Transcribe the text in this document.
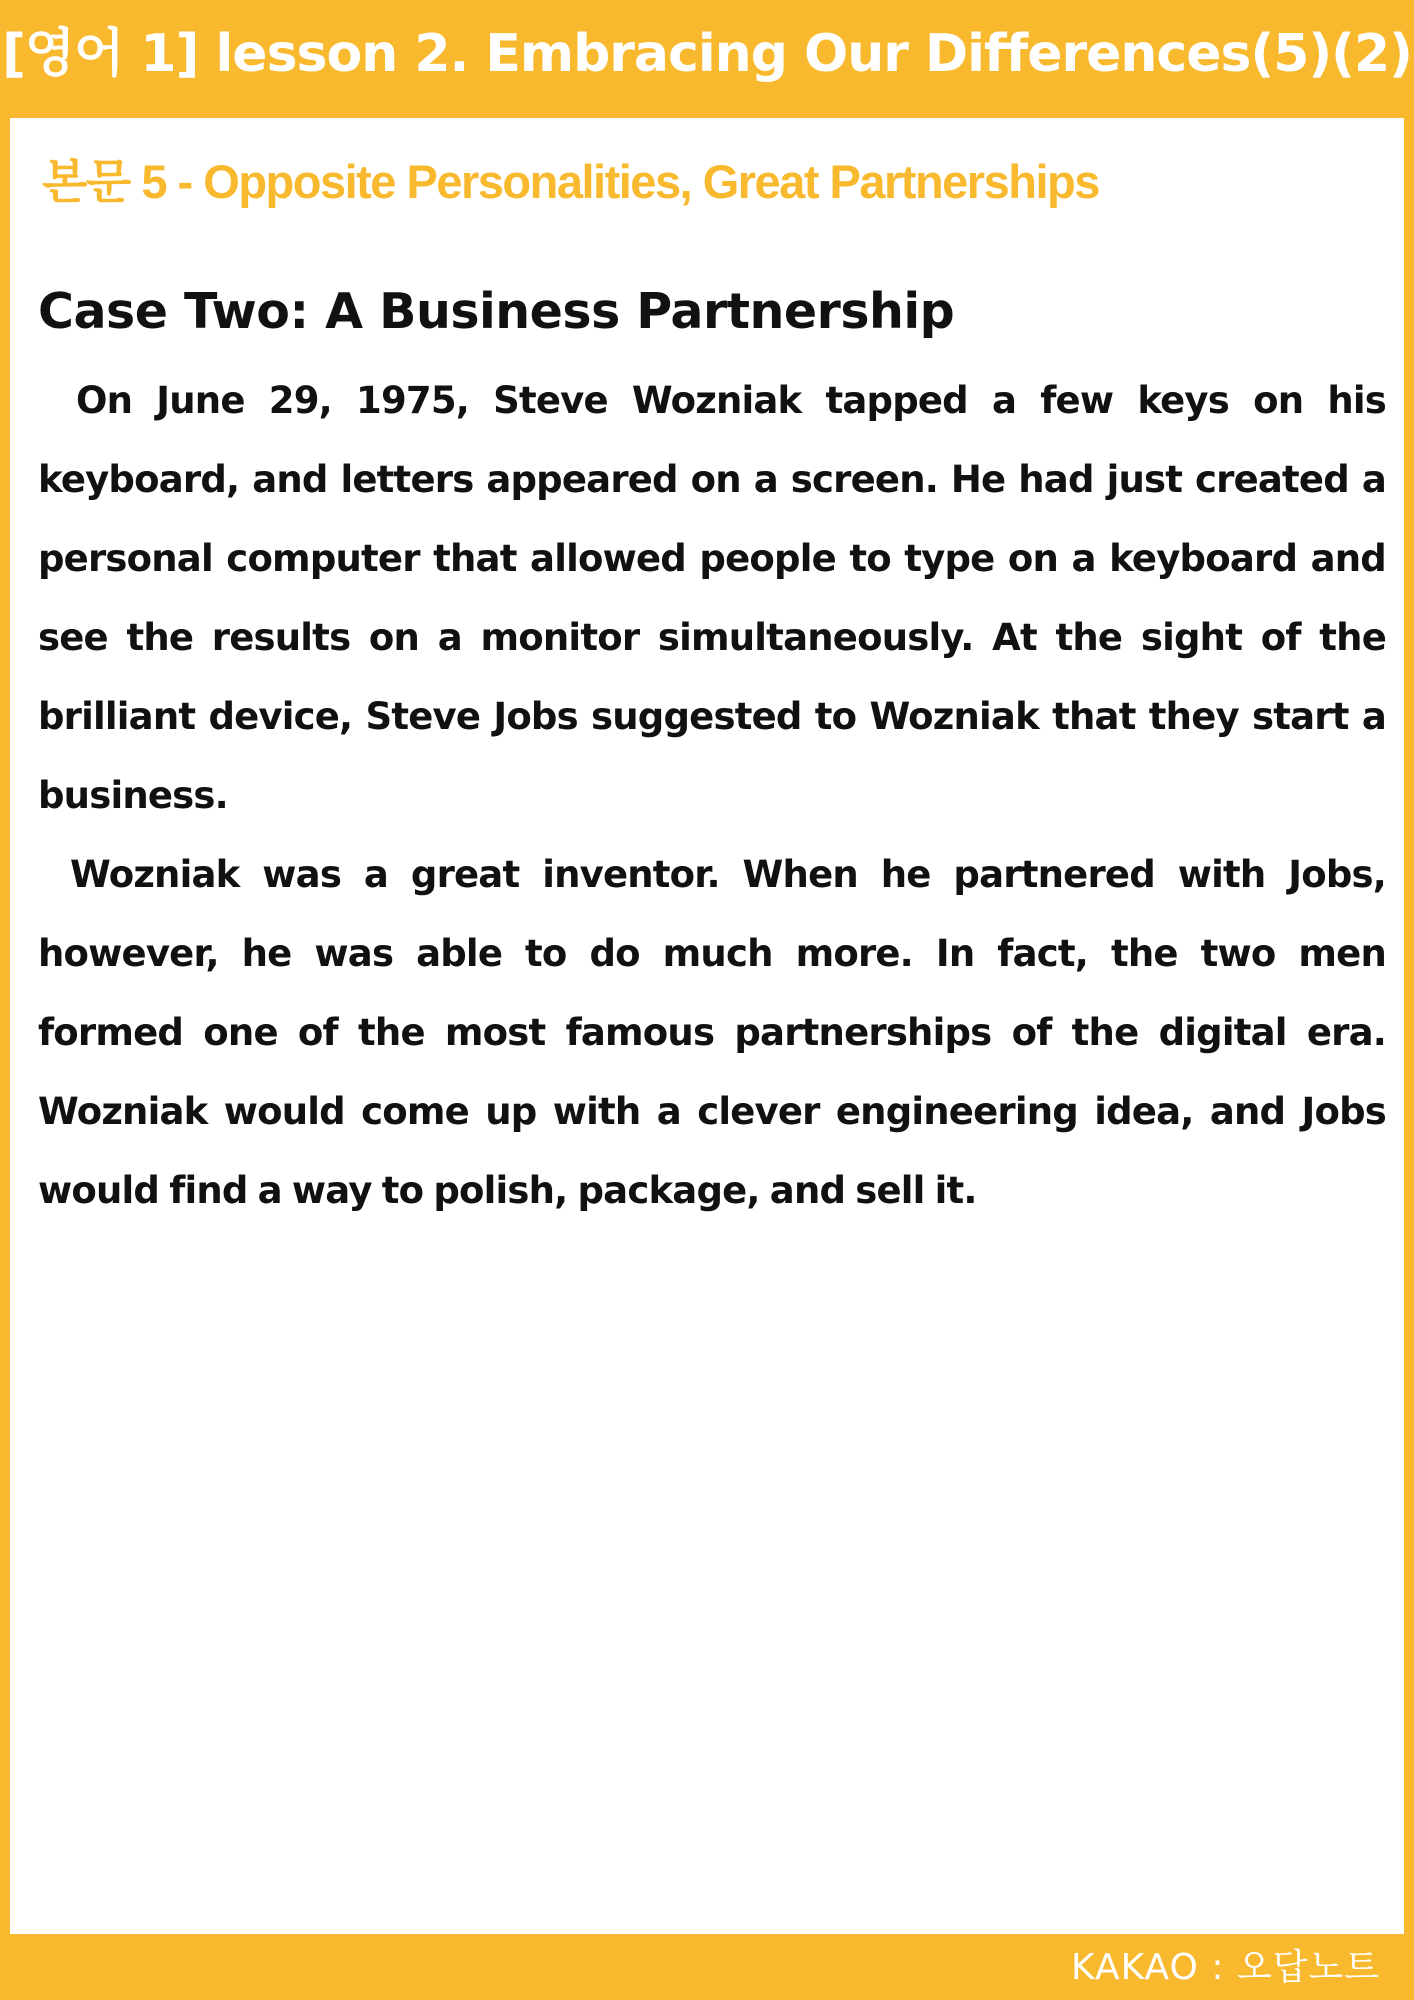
[영어 1] lesson 2. Embracing Our Differences(5)(2)
본문 5 - Opposite Personalities, Great Partnerships
Case Two: A Business Partnership

On June 29, 1975, Steve Wozniak tapped a few keys on his keyboard, and letters appeared on a screen. He had just created a personal computer that allowed people to type on a keyboard and see the results on a monitor simultaneously. At the sight of the brilliant device, Steve Jobs suggested to Wozniak that they start a business.

Wozniak was a great inventor. When he partnered with Jobs, however, he was able to do much more. In fact, the two men formed one of the most famous partnerships of the digital era. Wozniak would come up with a clever engineering idea, and Jobs would find a way to polish, package, and sell it.

KAKAO : 오답노트
